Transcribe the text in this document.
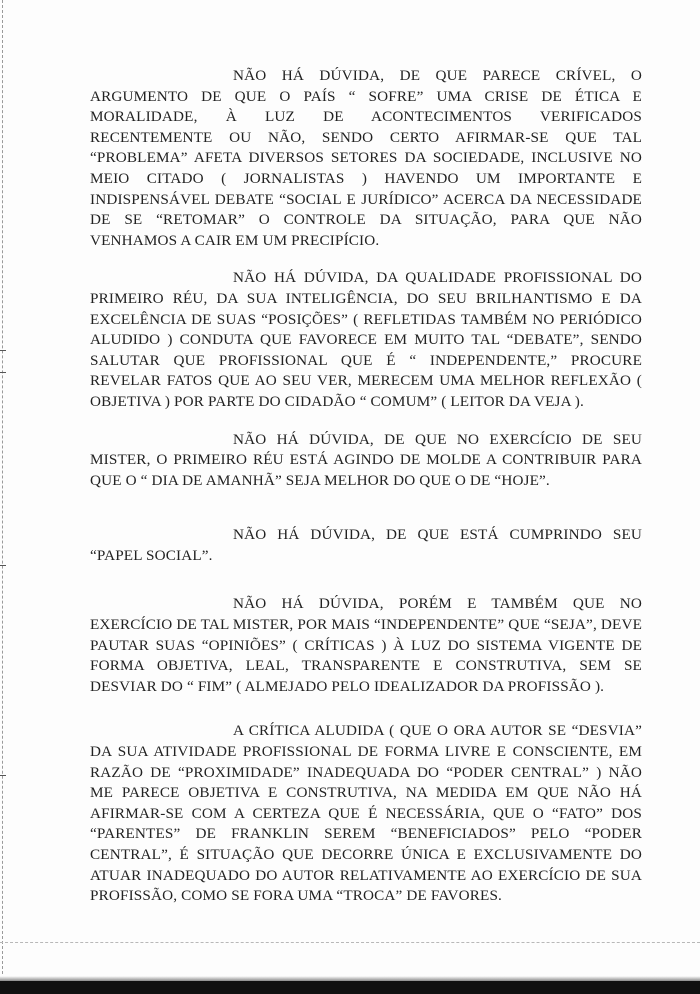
NÃO HÁ DÚVIDA, DE QUE PARECE CRÍVEL, O ARGUMENTO DE QUE O PAÍS “ SOFRE” UMA CRISE DE ÉTICA E MORALIDADE, À LUZ DE ACONTECIMENTOS VERIFICADOS RECENTEMENTE OU NÃO, SENDO CERTO AFIRMAR-SE QUE TAL “PROBLEMA” AFETA DIVERSOS SETORES DA SOCIEDADE, INCLUSIVE NO MEIO CITADO ( JORNALISTAS ) HAVENDO UM IMPORTANTE E INDISPENSÁVEL DEBATE “SOCIAL E JURÍDICO” ACERCA DA NECESSIDADE DE SE “RETOMAR” O CONTROLE DA SITUAÇÃO, PARA QUE NÃO VENHAMOS A CAIR EM UM PRECIPÍCIO.

NÃO HÁ DÚVIDA, DA QUALIDADE PROFISSIONAL DO PRIMEIRO RÉU, DA SUA INTELIGÊNCIA, DO SEU BRILHANTISMO E DA EXCELÊNCIA DE SUAS “POSIÇÕES” ( REFLETIDAS TAMBÉM NO PERIÓDICO ALUDIDO ) CONDUTA QUE FAVORECE EM MUITO TAL “DEBATE”, SENDO SALUTAR QUE PROFISSIONAL QUE É “ INDEPENDENTE,” PROCURE REVELAR FATOS QUE AO SEU VER, MERECEM UMA MELHOR REFLEXÃO ( OBJETIVA ) POR PARTE DO CIDADÃO “ COMUM” ( LEITOR DA VEJA ).

NÃO HÁ DÚVIDA, DE QUE NO EXERCÍCIO DE SEU MISTER, O PRIMEIRO RÉU ESTÁ AGINDO DE MOLDE A CONTRIBUIR PARA QUE O “ DIA DE AMANHÃ” SEJA MELHOR DO QUE O DE “HOJE”.

NÃO HÁ DÚVIDA, DE QUE ESTÁ CUMPRINDO SEU “PAPEL SOCIAL”.

NÃO HÁ DÚVIDA, PORÉM E TAMBÉM QUE NO EXERCÍCIO DE TAL MISTER, POR MAIS “INDEPENDENTE” QUE “SEJA”, DEVE PAUTAR SUAS “OPINIÕES” ( CRÍTICAS ) À LUZ DO SISTEMA VIGENTE DE FORMA OBJETIVA, LEAL, TRANSPARENTE E CONSTRUTIVA, SEM SE DESVIAR DO “ FIM” ( ALMEJADO PELO IDEALIZADOR DA PROFISSÃO ).

A CRÍTICA ALUDIDA ( QUE O ORA AUTOR SE “DESVIA” DA SUA ATIVIDADE PROFISSIONAL DE FORMA LIVRE E CONSCIENTE, EM RAZÃO DE “PROXIMIDADE” INADEQUADA DO “PODER CENTRAL” ) NÃO ME PARECE OBJETIVA E CONSTRUTIVA, NA MEDIDA EM QUE NÃO HÁ AFIRMAR-SE COM A CERTEZA QUE É NECESSÁRIA, QUE O “FATO” DOS “PARENTES” DE FRANKLIN SEREM “BENEFICIADOS” PELO “PODER CENTRAL”, É SITUAÇÃO QUE DECORRE ÚNICA E EXCLUSIVAMENTE DO ATUAR INADEQUADO DO AUTOR RELATIVAMENTE AO EXERCÍCIO DE SUA PROFISSÃO, COMO SE FORA UMA “TROCA” DE FAVORES.
